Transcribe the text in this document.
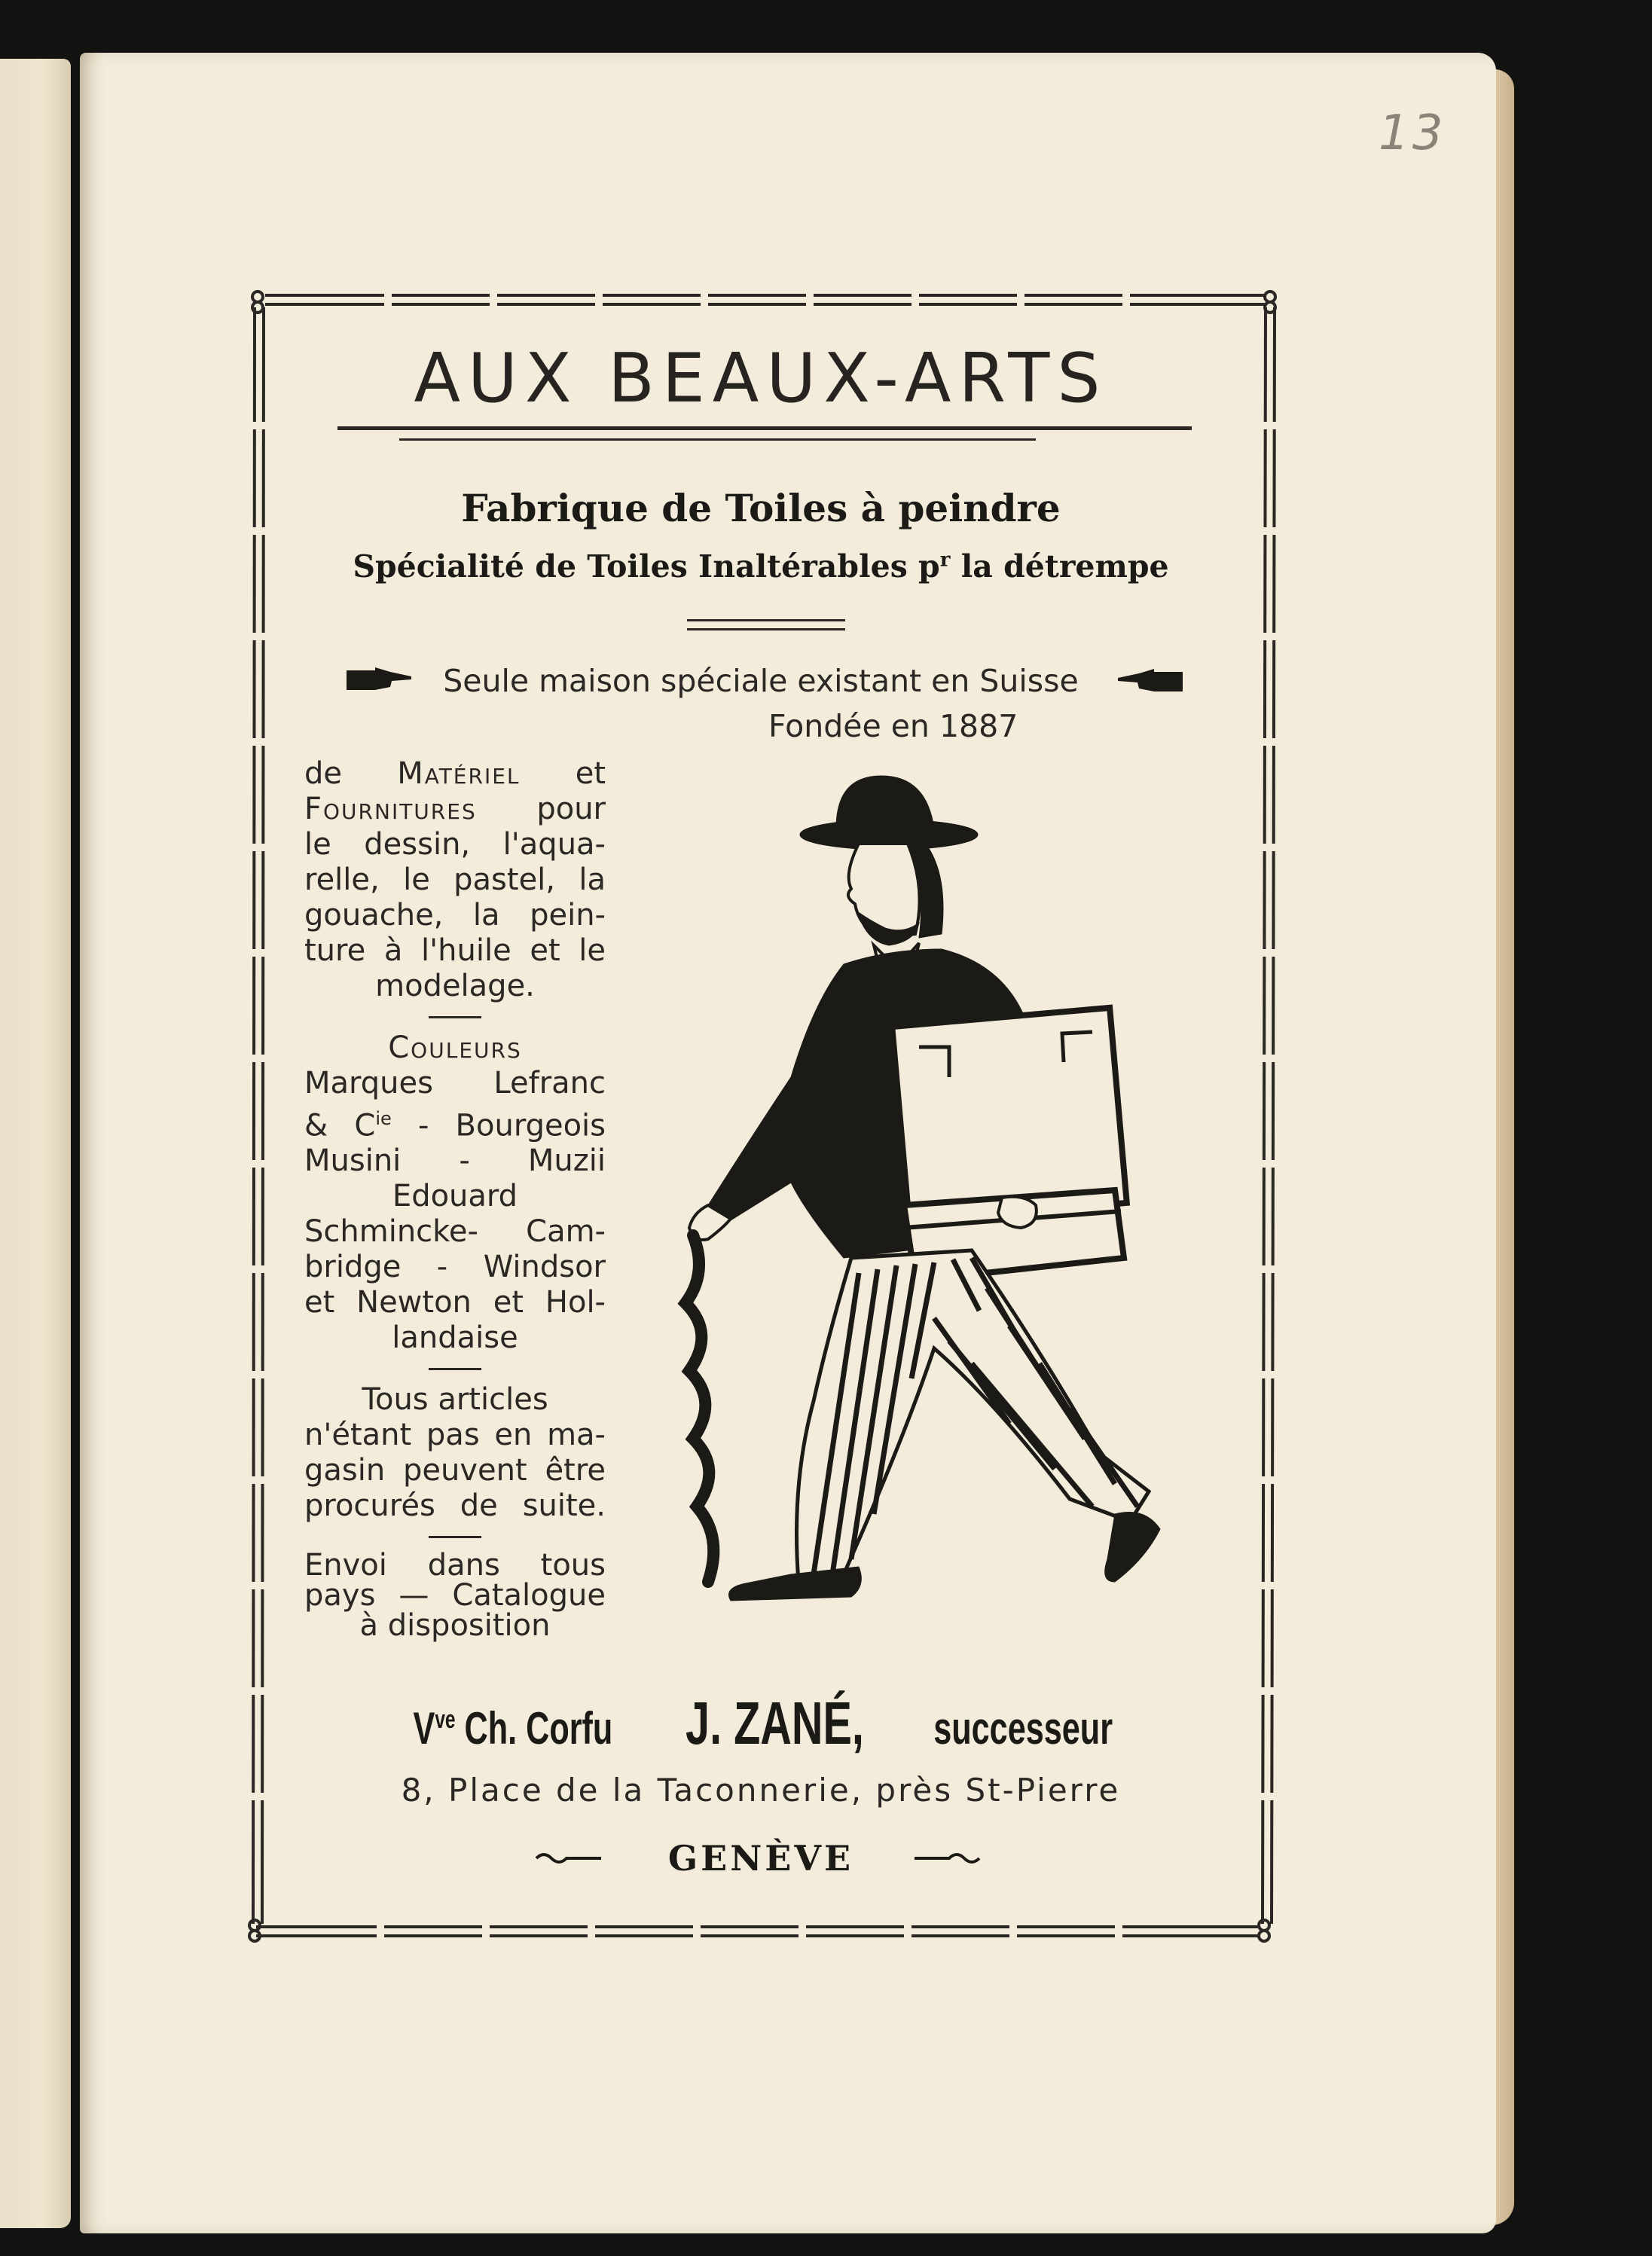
13
AUX BEAUX-ARTS
Fabrique de Toiles à peindre
Spécialité de Toiles Inaltérables $p^r$ la détrempe
Seule maison spéciale existant en Suisse
Fondée en 1887
de Matériel et
Fournitures pour
le dessin, l'aqua-
relle, le pastel, la
gouache, la pein-
ture à l'huile et le
modelage.
Couleurs
Marques Lefranc
& $C^{ie}$ - Bourgeois
Musini - Muzii
Edouard
Schmincke- Cam-
bridge - Windsor
et Newton et Hol-
landaise
Tous articles
n'étant pas en ma-
gasin peuvent être
procurés de suite.
Envoi dans tous
pays — Catalogue
à disposition
$V^{ve}$ Ch. CorfuJ. ZANÉ,successeur
8, Place de la Taconnerie, près St-Pierre
GENÈVE
